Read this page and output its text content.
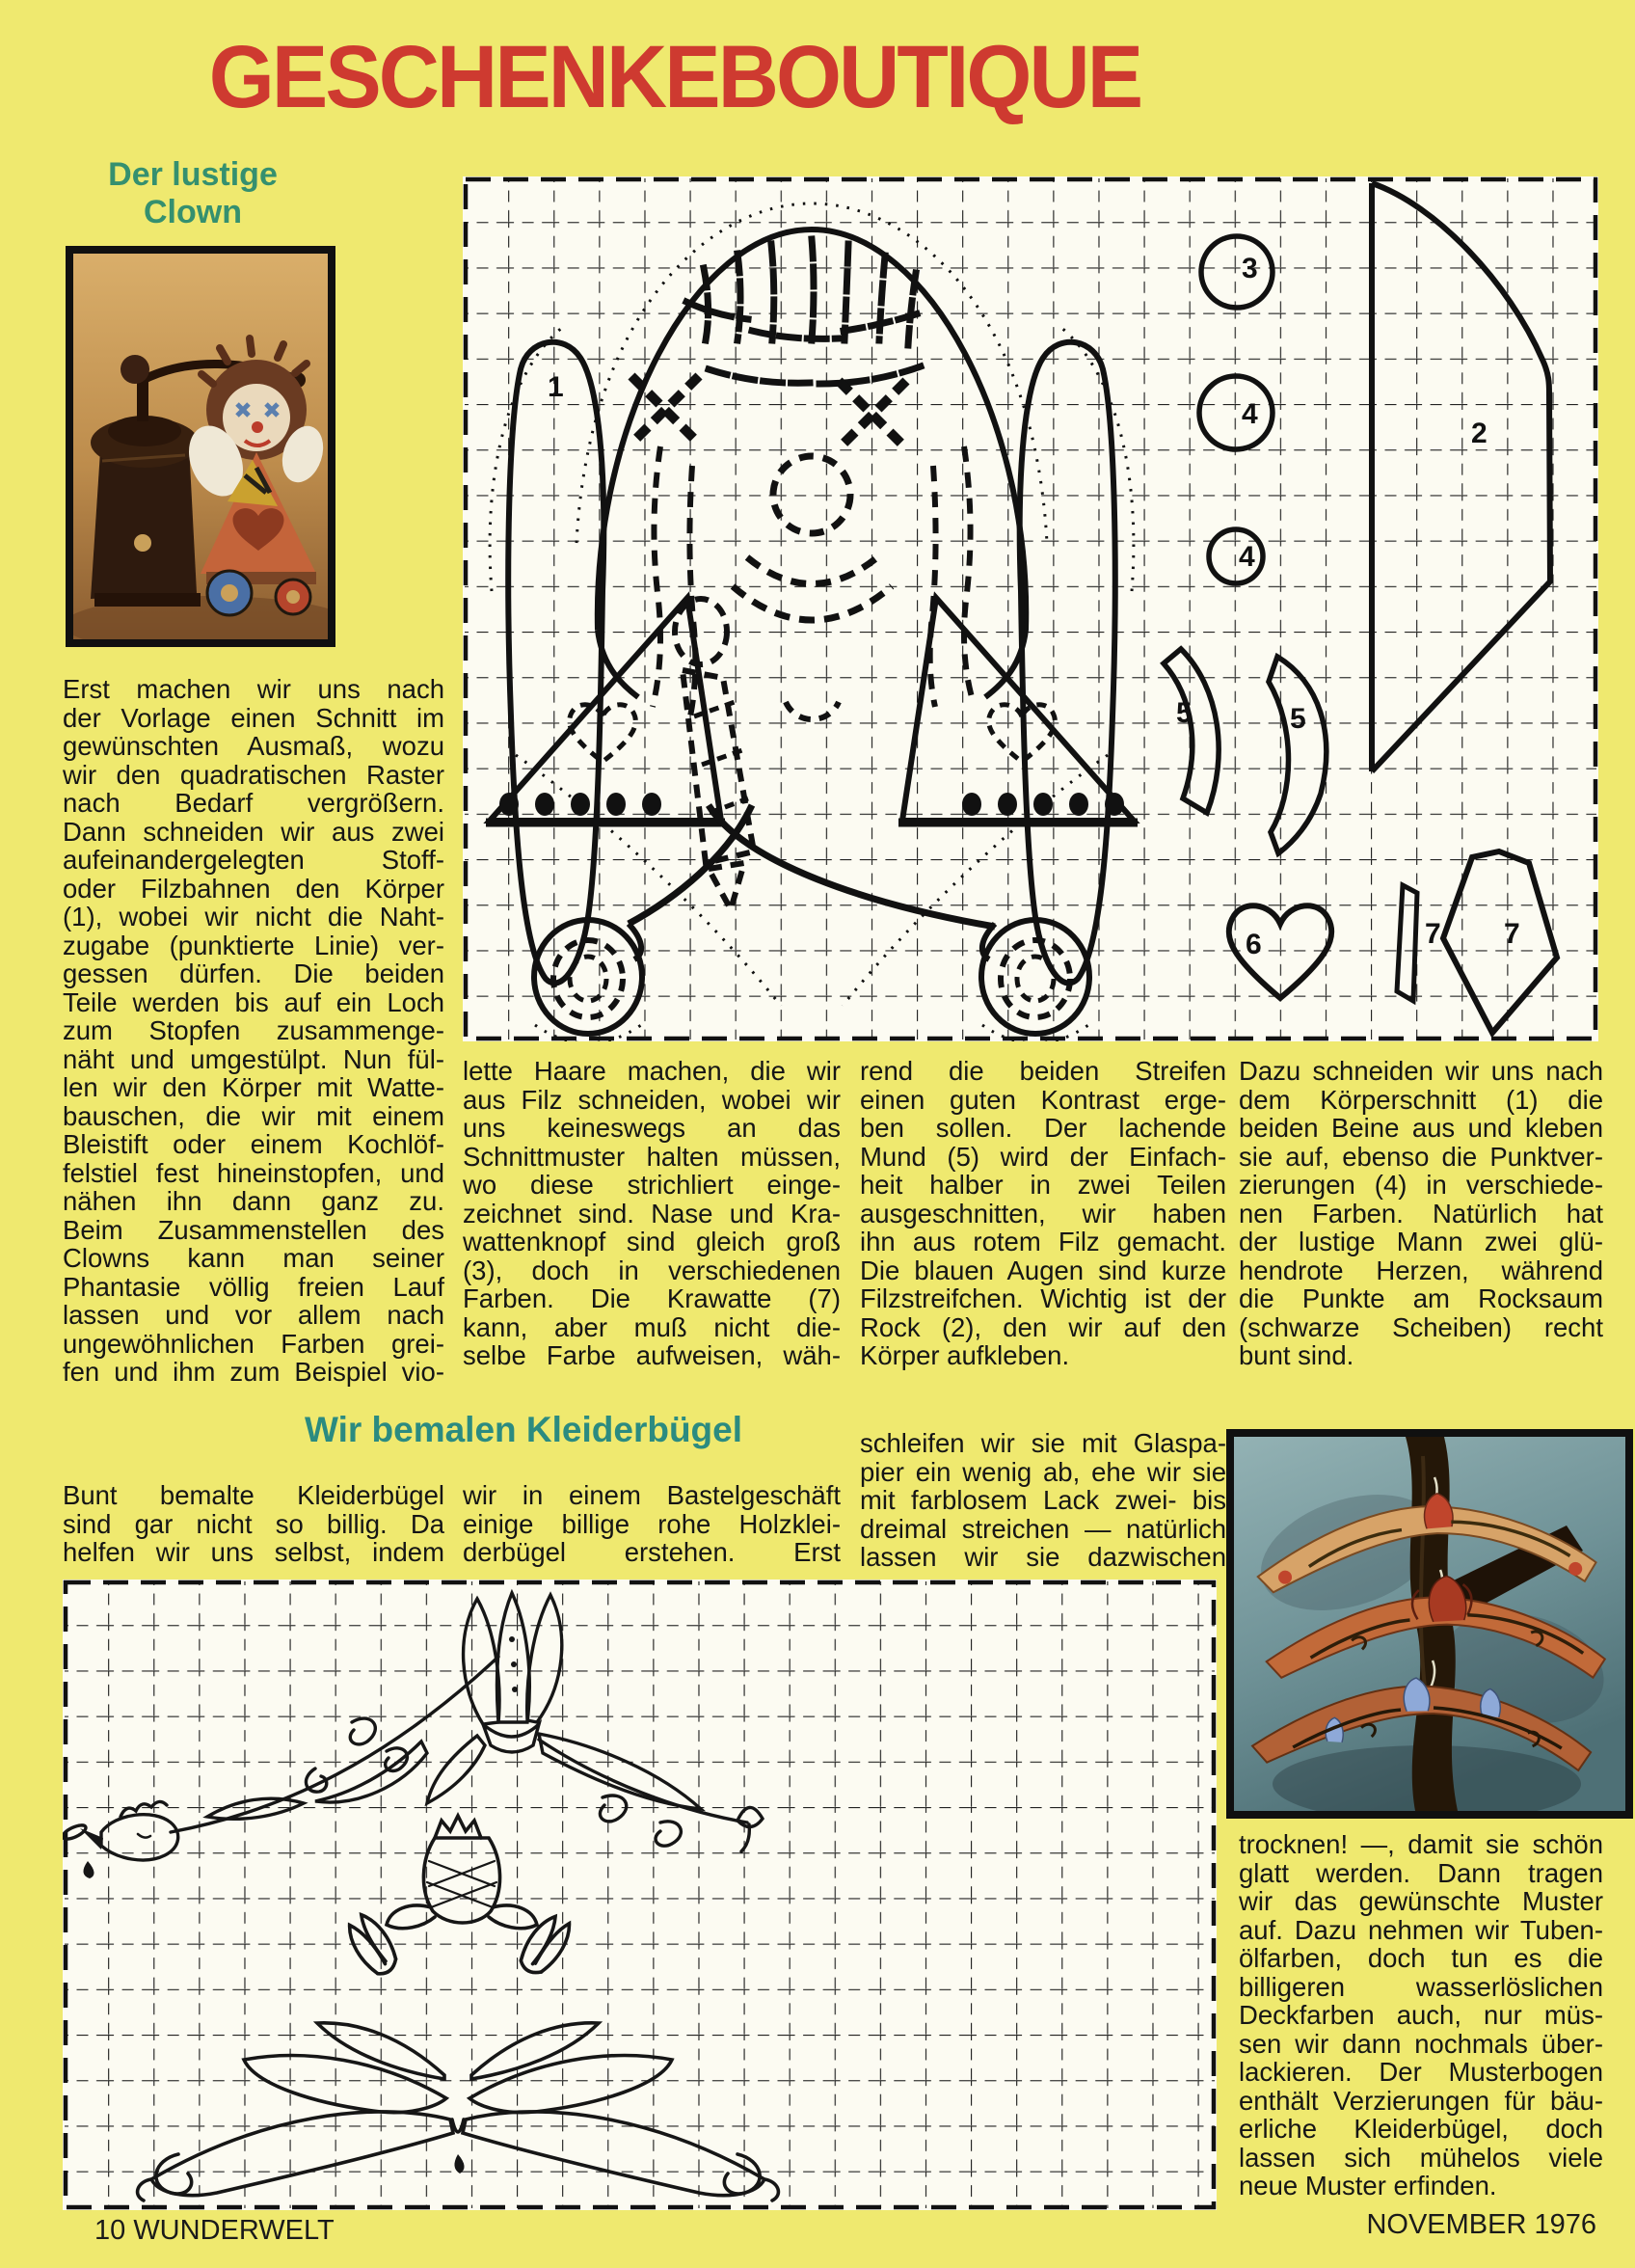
GESCHENKEBOUTIQUE
Der lustige
Clown
1
2
3
4
4
5	5
6	7 7
Erst machen wir uns nach
der Vorlage einen Schnitt im
gewünschten Ausmaß, wozu
wir den quadratischen Raster
nach Bedarf vergrößern.
Dann schneiden wir aus zwei
aufeinandergelegten Stoff-
oder Filzbahnen den Körper
(1), wobei wir nicht die Naht-
zugabe (punktierte Linie) ver-
gessen dürfen. Die beiden
Teile werden bis auf ein Loch
zum Stopfen zusammenge-
näht und umgestülpt. Nun fül-
len wir den Körper mit Watte-
bauschen, die wir mit einem
Bleistift oder einem Kochlöf-
felstiel fest hineinstopfen, und
nähen ihn dann ganz zu.
Beim Zusammenstellen des
Clowns kann man seiner
Phantasie völlig freien Lauf
lassen und vor allem nach
ungewöhnlichen Farben grei-
fen und ihm zum Beispiel vio-
lette Haare machen, die wir
aus Filz schneiden, wobei wir
uns keineswegs an das
Schnittmuster halten müssen,
wo diese strichliert einge-
zeichnet sind. Nase und Kra-
wattenknopf sind gleich groß
(3), doch in verschiedenen
Farben. Die Krawatte (7)
kann, aber muß nicht die-
selbe Farbe aufweisen, wäh-
rend die beiden Streifen
einen guten Kontrast erge-
ben sollen. Der lachende
Mund (5) wird der Einfach-
heit halber in zwei Teilen
ausgeschnitten, wir haben
ihn aus rotem Filz gemacht.
Die blauen Augen sind kurze
Filzstreifchen. Wichtig ist der
Rock (2), den wir auf den
Körper aufkleben.
Dazu schneiden wir uns nach
dem Körperschnitt (1) die
beiden Beine aus und kleben
sie auf, ebenso die Punktver-
zierungen (4) in verschiede-
nen Farben. Natürlich hat
der lustige Mann zwei glü-
hendrote Herzen, während
die Punkte am Rocksaum
(schwarze Scheiben) recht
bunt sind.
Wir bemalen Kleiderbügel
Bunt bemalte Kleiderbügel
sind gar nicht so billig. Da
helfen wir uns selbst, indem
wir in einem Bastelgeschäft
einige billige rohe Holzklei-
derbügel erstehen. Erst
schleifen wir sie mit Glaspa-
pier ein wenig ab, ehe wir sie
mit farblosem Lack zwei- bis
dreimal streichen — natürlich
lassen wir sie dazwischen
trocknen! —, damit sie schön
glatt werden. Dann tragen
wir das gewünschte Muster
auf. Dazu nehmen wir Tuben-
ölfarben, doch tun es die
billigeren wasserlöslichen
Deckfarben auch, nur müs-
sen wir dann nochmals über-
lackieren. Der Musterbogen
enthält Verzierungen für bäu-
erliche Kleiderbügel, doch
lassen sich mühelos viele
neue Muster erfinden.
10 WUNDERWELT	NOVEMBER 1976
